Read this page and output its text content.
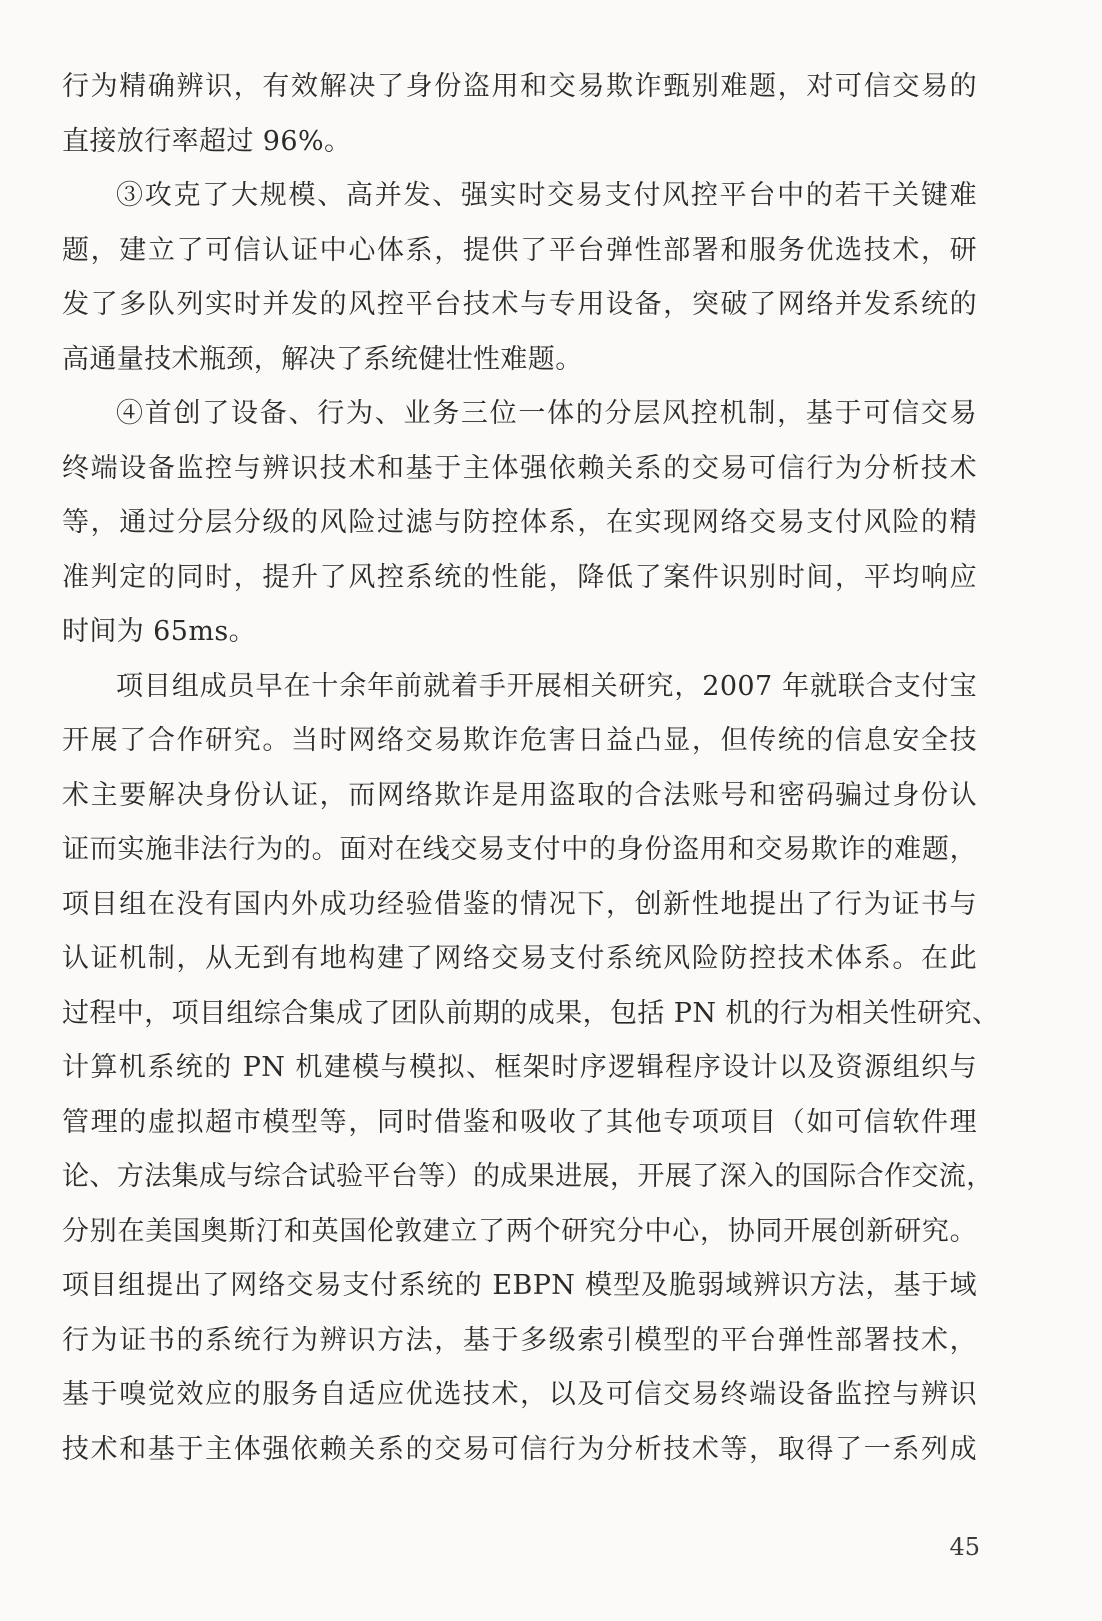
行为精确辨识，有效解决了身份盗用和交易欺诈甄别难题，对可信交易的
直接放行率超过 96%。
③攻克了大规模、高并发、强实时交易支付风控平台中的若干关键难
题，建立了可信认证中心体系，提供了平台弹性部署和服务优选技术，研
发了多队列实时并发的风控平台技术与专用设备，突破了网络并发系统的
高通量技术瓶颈，解决了系统健壮性难题。
④首创了设备、行为、业务三位一体的分层风控机制，基于可信交易
终端设备监控与辨识技术和基于主体强依赖关系的交易可信行为分析技术
等，通过分层分级的风险过滤与防控体系，在实现网络交易支付风险的精
准判定的同时，提升了风控系统的性能，降低了案件识别时间，平均响应
时间为 65ms。
项目组成员早在十余年前就着手开展相关研究，2007 年就联合支付宝
开展了合作研究。当时网络交易欺诈危害日益凸显，但传统的信息安全技
术主要解决身份认证，而网络欺诈是用盗取的合法账号和密码骗过身份认
证而实施非法行为的。面对在线交易支付中的身份盗用和交易欺诈的难题，
项目组在没有国内外成功经验借鉴的情况下，创新性地提出了行为证书与
认证机制，从无到有地构建了网络交易支付系统风险防控技术体系。在此
过程中，项目组综合集成了团队前期的成果，包括 PN 机的行为相关性研究、
计算机系统的 PN 机建模与模拟、框架时序逻辑程序设计以及资源组织与
管理的虚拟超市模型等，同时借鉴和吸收了其他专项项目（如可信软件理
论、方法集成与综合试验平台等）的成果进展，开展了深入的国际合作交流，
分别在美国奥斯汀和英国伦敦建立了两个研究分中心，协同开展创新研究。
项目组提出了网络交易支付系统的 EBPN 模型及脆弱域辨识方法，基于域
行为证书的系统行为辨识方法，基于多级索引模型的平台弹性部署技术，
基于嗅觉效应的服务自适应优选技术，以及可信交易终端设备监控与辨识
技术和基于主体强依赖关系的交易可信行为分析技术等，取得了一系列成
45
